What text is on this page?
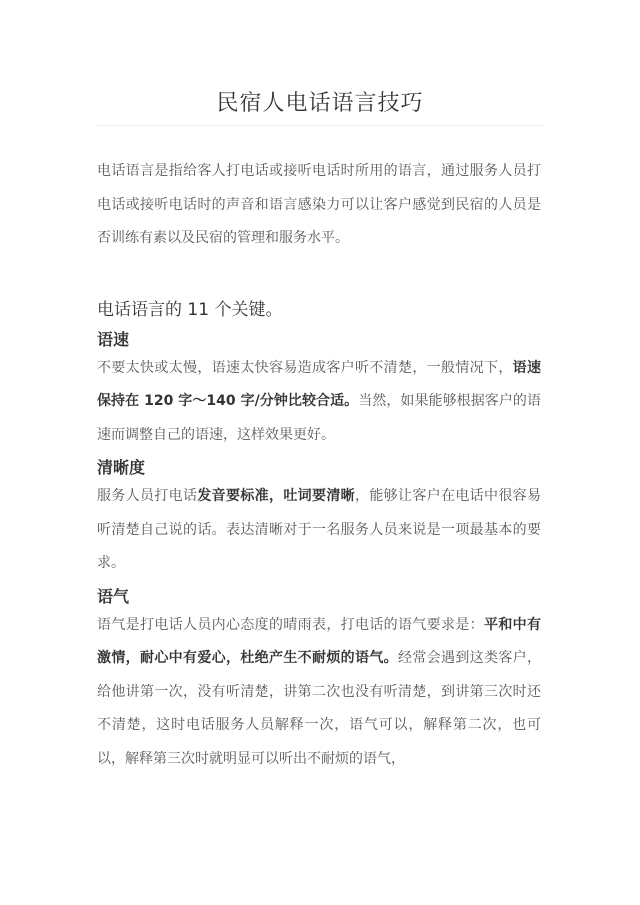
民宿人电话语言技巧

电话语言是指给客人打电话或接听电话时所用的语言，通过服务人员打电话或接听电话时的声音和语言感染力可以让客户感觉到民宿的人员是否训练有素以及民宿的管理和服务水平。

电话语言的 11 个关键。
语速

不要太快或太慢，语速太快容易造成客户听不清楚，一般情况下，语速保持在 120 字～140 字/分钟比较合适。当然，如果能够根据客户的语速而调整自己的语速，这样效果更好。

清晰度

服务人员打电话发音要标准，吐词要清晰，能够让客户在电话中很容易听清楚自己说的话。表达清晰对于一名服务人员来说是一项最基本的要求。

语气

语气是打电话人员内心态度的晴雨表，打电话的语气要求是：平和中有激情，耐心中有爱心，杜绝产生不耐烦的语气。经常会遇到这类客户，给他讲第一次，没有听清楚，讲第二次也没有听清楚，到讲第三次时还不清楚，这时电话服务人员解释一次，语气可以，解释第二次，也可以，解释第三次时就明显可以听出不耐烦的语气，
